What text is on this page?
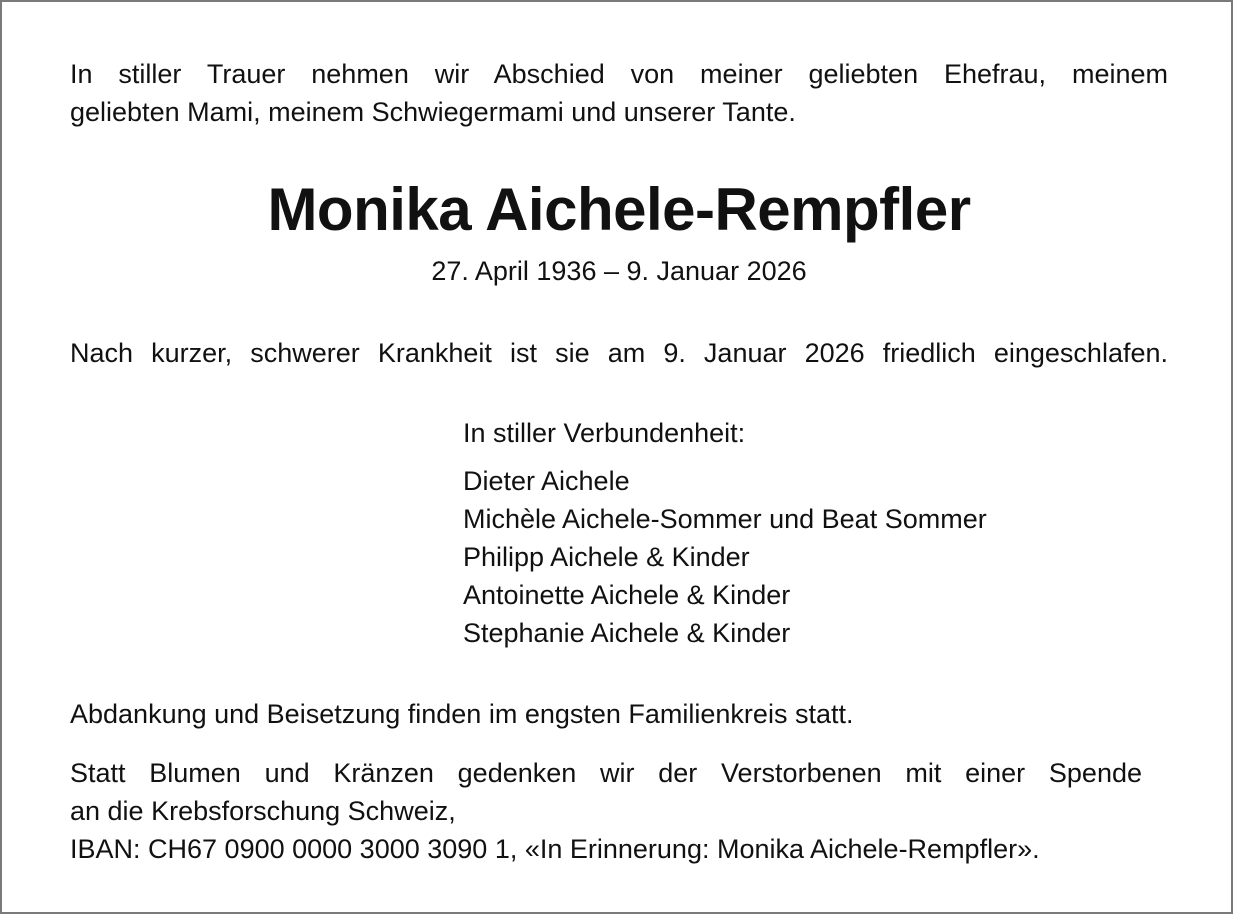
In stiller Trauer nehmen wir Abschied von meiner geliebten Ehefrau, meinem
geliebten Mami, meinem Schwiegermami und unserer Tante.

Monika Aichele-Rempfler
27. April 1936 – 9. Januar 2026

Nach kurzer, schwerer Krankheit ist sie am 9. Januar 2026 friedlich eingeschlafen.

In stiller Verbundenheit:
Dieter Aichele
Michèle Aichele-Sommer und Beat Sommer
Philipp Aichele & Kinder
Antoinette Aichele & Kinder
Stephanie Aichele & Kinder

Abdankung und Beisetzung finden im engsten Familienkreis statt.

Statt Blumen und Kränzen gedenken wir der Verstorbenen mit einer Spende
an die Krebsforschung Schweiz,
IBAN: CH67 0900 0000 3000 3090 1, «In Erinnerung: Monika Aichele-Rempfler».
